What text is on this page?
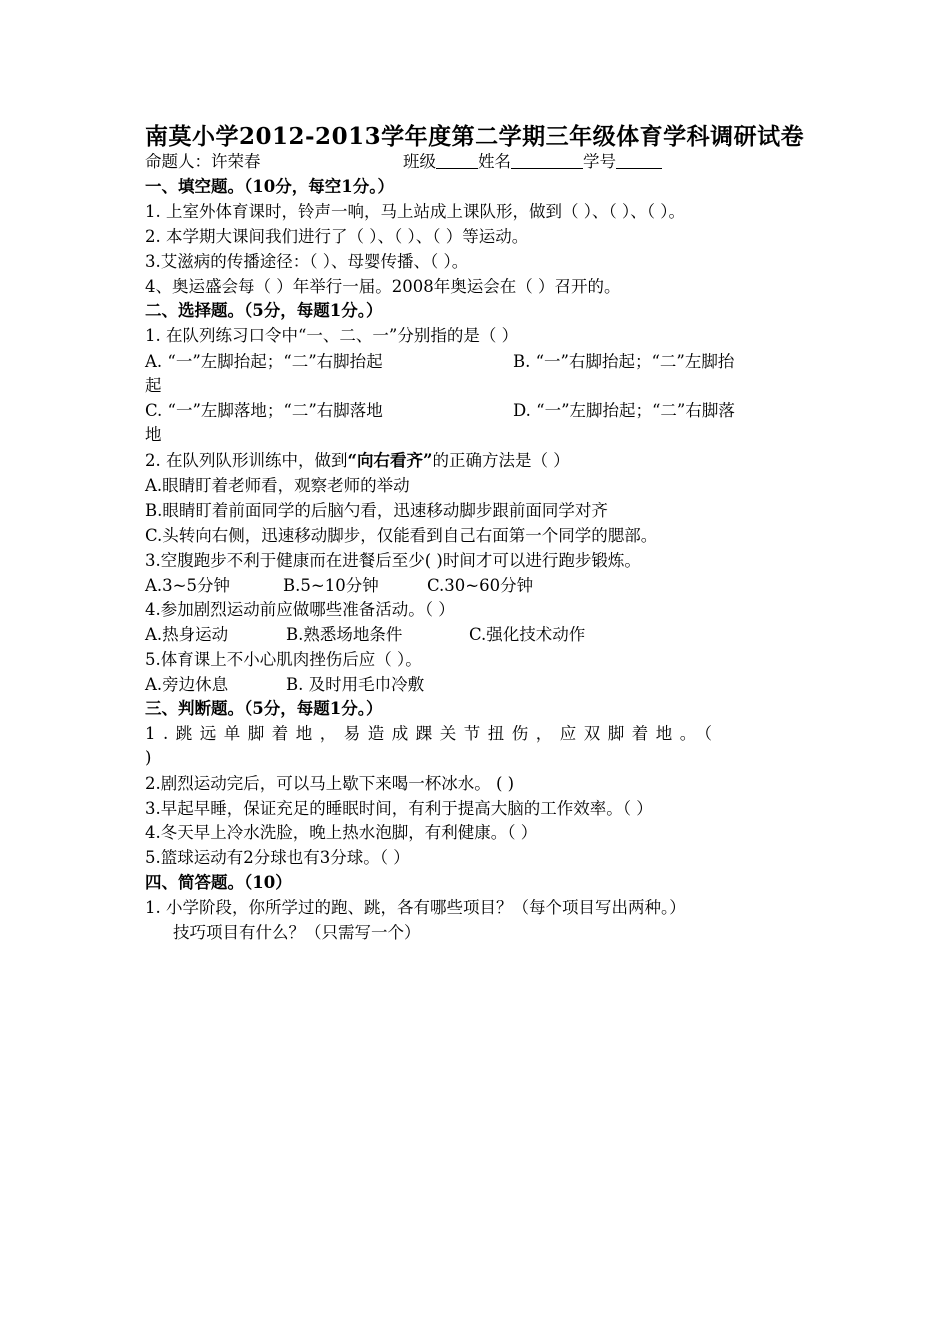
南莫小学2012-2013学年度第二学期三年级体育学科调研试卷
命题人：许荣春	班级	姓名	学号
一、填空题。（10分，每空1分。）
1. 上室外体育课时，铃声一响，马上站成上课队形，做到（ ）、（ ）、（ ）。
2. 本学期大课间我们进行了（ ）、（ ）、（ ）等运动。
3.艾滋病的传播途径：（ ）、母婴传播、（ ）。
4、奥运盛会每（ ）年举行一届。2008年奥运会在（ ）召开的。
二、选择题。（5分，每题1分。）
1. 在队列练习口令中“一、二、一”分别指的是（ ）
A. “一”左脚抬起；“二”右脚抬起	B. “一”右脚抬起；“二”左脚抬
起
C. “一”左脚落地；“二”右脚落地	D. “一”左脚抬起；“二”右脚落
地
2. 在队列队形训练中，做到“向右看齐”的正确方法是（ ）
A.眼睛盯着老师看，观察老师的举动
B.眼睛盯着前面同学的后脑勺看，迅速移动脚步跟前面同学对齐
C.头转向右侧，迅速移动脚步，仅能看到自己右面第一个同学的腮部。
3.空腹跑步不利于健康而在进餐后至少( )时间才可以进行跑步锻炼。
A.3~5分钟	B.5~10分钟	C.30~60分钟
4.参加剧烈运动前应做哪些准备活动。（ ）
A.热身运动	B.熟悉场地条件	C.强化技术动作
5.体育课上不小心肌肉挫伤后应（ ）。
A.旁边休息	B. 及时用毛巾冷敷
三、判断题。（5分，每题1分。）
1.跳远单脚着地，易造成踝关节扭伤，应双脚着地。（
)
2.剧烈运动完后，可以马上歇下来喝一杯冰水。 ( )
3.早起早睡，保证充足的睡眠时间，有利于提高大脑的工作效率。（ ）
4.冬天早上冷水洗脸，晚上热水泡脚，有利健康。（ ）
5.篮球运动有2分球也有3分球。（ ）
四、简答题。（10）
1. 小学阶段，你所学过的跑、跳，各有哪些项目？（每个项目写出两种。）
技巧项目有什么？（只需写一个）
